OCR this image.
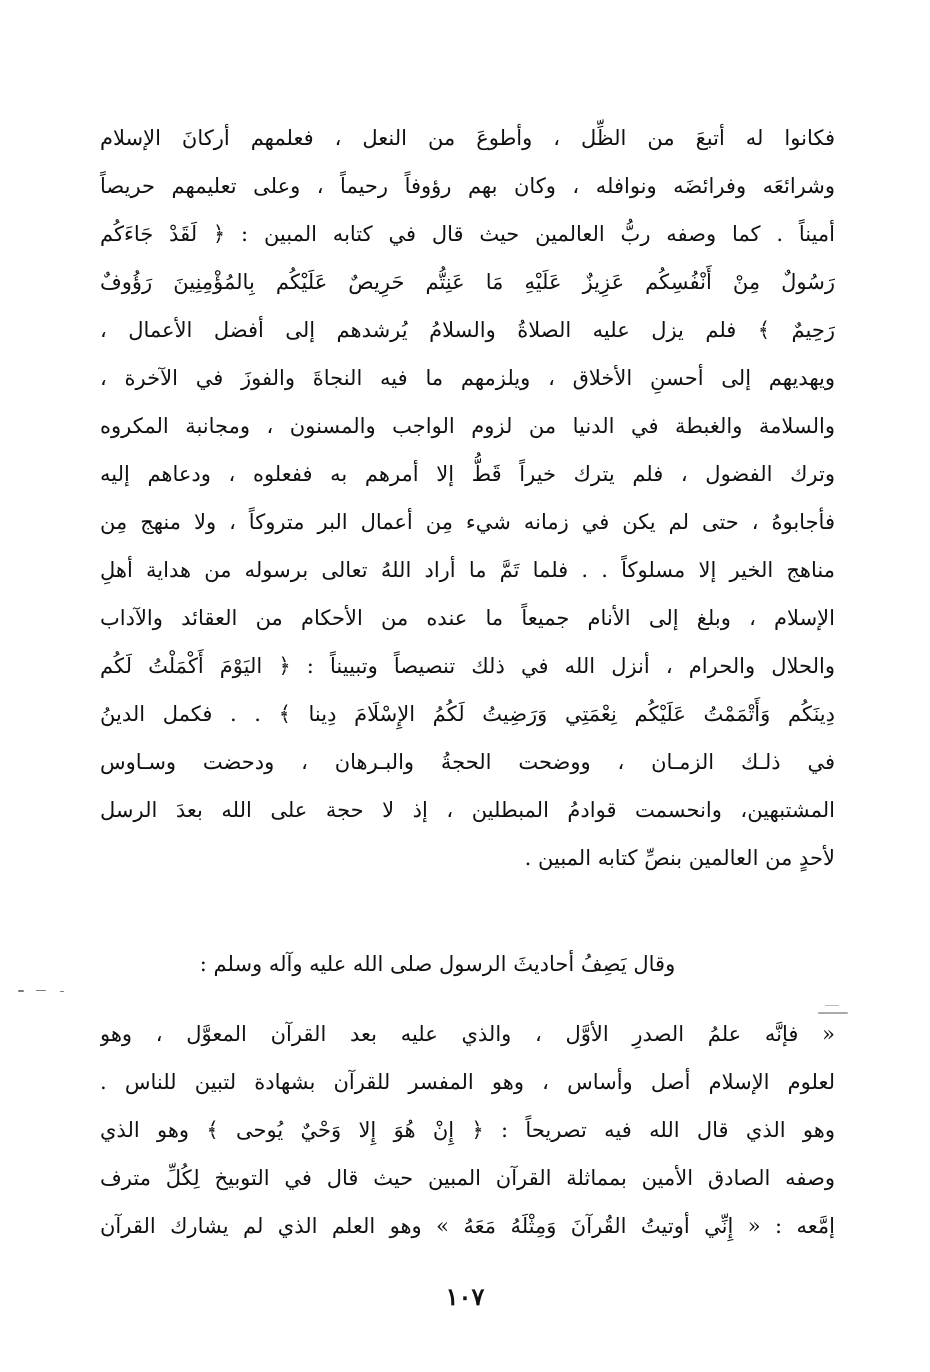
فكانوا له أتبعَ من الظِّل ، وأطوعَ من النعل ، فعلمهم أركانَ الإسلام
وشرائعَه وفرائضَه ونوافله ، وكان بهم رؤوفاً رحيماً ، وعلى تعليمهم حريصاً
أميناً . كما وصفه ربُّ العالمين حيث قال في كتابه المبين : ﴿ لَقَدْ جَاءَكُم
رَسُولٌ مِنْ أَنْفُسِكُم عَزِيزٌ عَلَيْهِ مَا عَنِتُّم حَرِيصٌ عَلَيْكُم بِالمُؤْمِنِينَ رَؤُوفٌ
رَحِيمٌ ﴾ فلم يزل عليه الصلاةُ والسلامُ يُرشدهم إلى أفضل الأعمال ،
ويهديهم إلى أحسنِ الأخلاق ، ويلزمهم ما فيه النجاةَ والفوزَ في الآخرة ،
والسلامة والغبطة في الدنيا من لزوم الواجب والمسنون ، ومجانبة المكروه
وترك الفضول ، فلم يترك خيراً قَطُّ إلا أمرهم به ففعلوه ، ودعاهم إليه
فأجابوهُ ، حتى لم يكن في زمانه شيء مِن أعمال البر متروكاً ، ولا منهج مِن
مناهج الخير إلا مسلوكاً . . فلما تَمَّ ما أراد اللهُ تعالى برسوله من هداية أهلِ
الإسلام ، وبلغ إلى الأنام جميعاً ما عنده من الأحكام من العقائد والآداب
والحلال والحرام ، أنزل الله في ذلك تنصيصاً وتبييناً : ﴿ اليَوْمَ أَكْمَلْتُ لَكُم
دِينَكُم وَأَتْمَمْتُ عَلَيْكُم نِعْمَتِي وَرَضِيتُ لَكُمُ الإِسْلَامَ دِينا ﴾ . . فكمل الدينُ
في ذلـك الزمـان ، ووضحت الحجةُ والبـرهان ، ودحضت وسـاوس
المشتبهين، وانحسمت قوادمُ المبطلين ، إذ لا حجة على الله بعدَ الرسل
لأحدٍ من العالمين بنصِّ كتابه المبين .
وقال يَصِفُ أحاديثَ الرسول صلى الله عليه وآله وسلم :
« فإنَّه علمُ الصدرِ الأوَّل ، والذي عليه بعد القرآن المعوَّل ، وهو
لعلوم الإسلام أصل وأساس ، وهو المفسر للقرآن بشهادة لتبين للناس .
وهو الذي قال الله فيه تصريحاً : ﴿ إِنْ هُوَ إِلا وَحْيٌ يُوحى ﴾ وهو الذي
وصفه الصادق الأمين بمماثلة القرآن المبين حيث قال في التوبيخ لِكُلِّ مترف
إمَّعه : « إِنِّي أوتيتُ القُرآنَ وَمِثْلَهُ مَعَهُ » وهو العلم الذي لم يشارك القرآن
١٠٧
